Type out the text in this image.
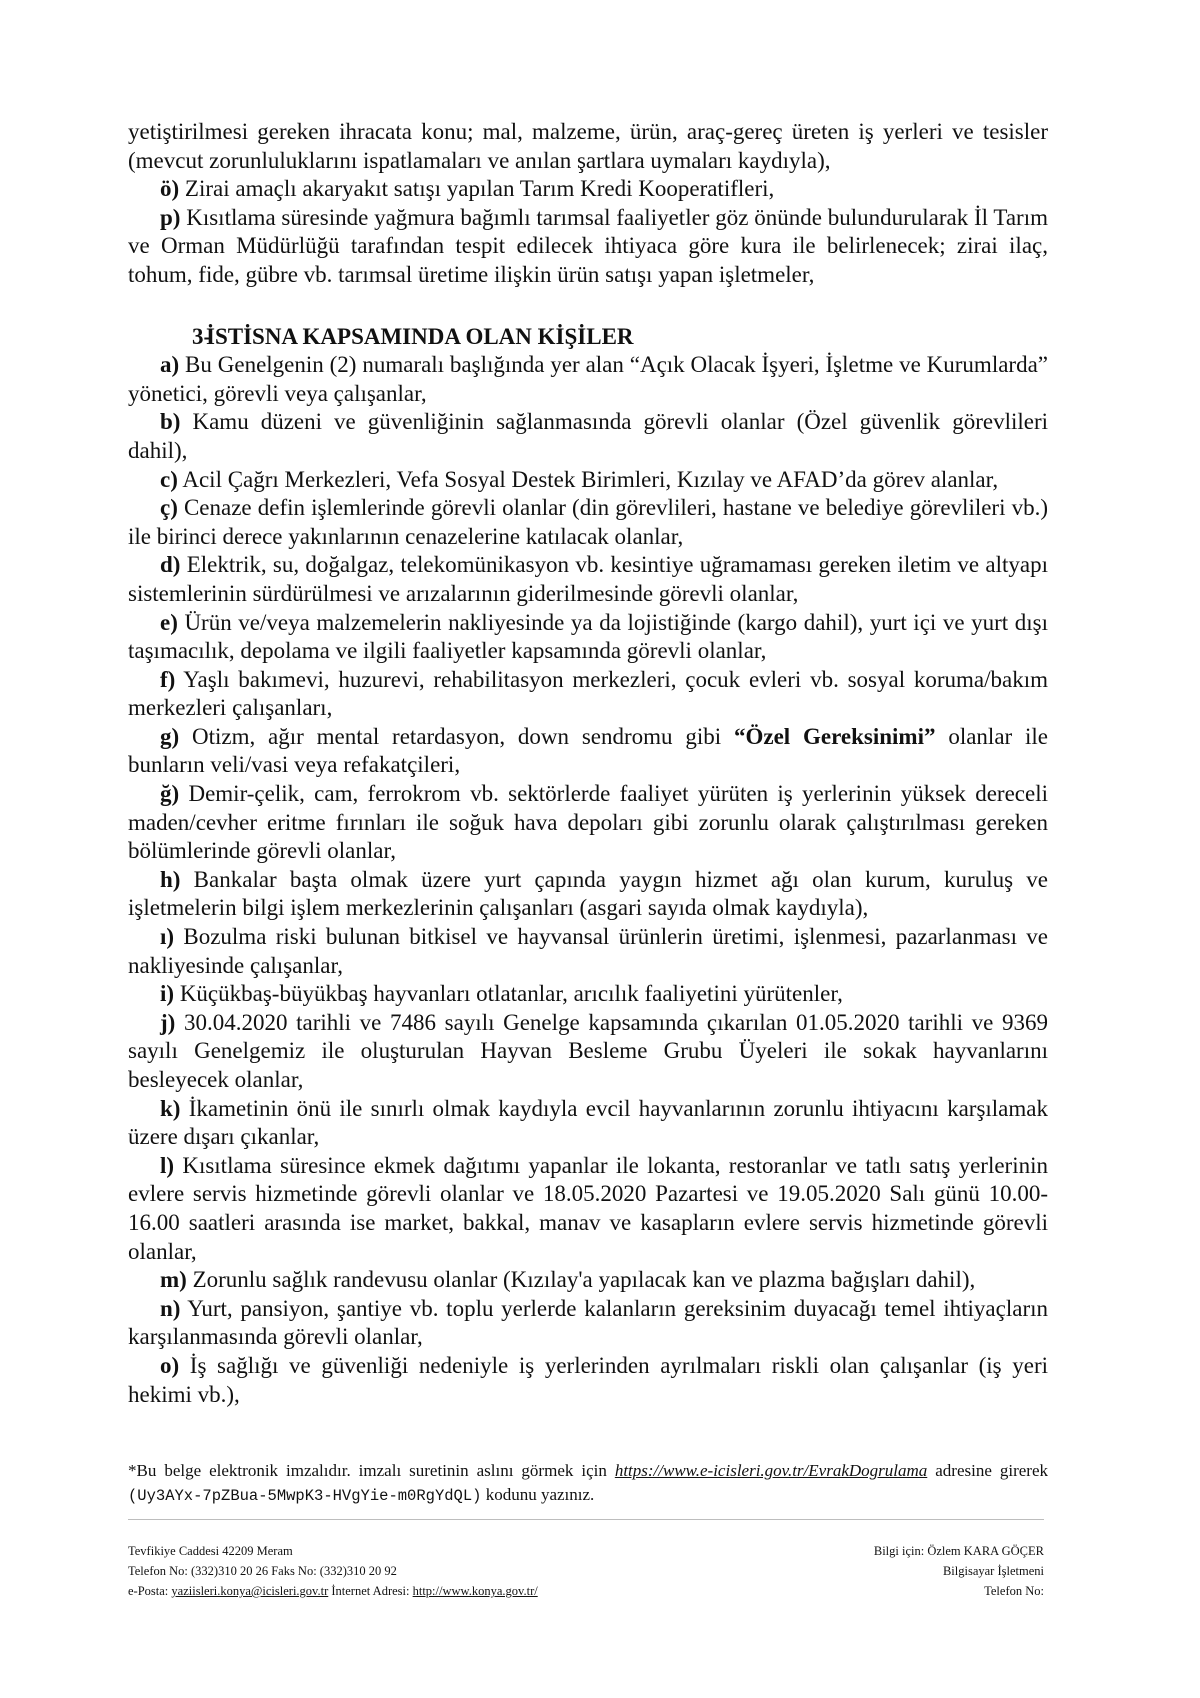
yetiştirilmesi gereken ihracata konu; mal, malzeme, ürün, araç-gereç üreten iş yerleri ve tesisler (mevcut zorunluluklarını ispatlamaları ve anılan şartlara uymaları kaydıyla),

ö) Zirai amaçlı akaryakıt satışı yapılan Tarım Kredi Kooperatifleri,

p) Kısıtlama süresinde yağmura bağımlı tarımsal faaliyetler göz önünde bulundurularak İl Tarım ve Orman Müdürlüğü tarafından tespit edilecek ihtiyaca göre kura ile belirlenecek; zirai ilaç, tohum, fide, gübre vb. tarımsal üretime ilişkin ürün satışı yapan işletmeler,

3-İSTİSNA KAPSAMINDA OLAN KİŞİLER

a) Bu Genelgenin (2) numaralı başlığında yer alan “Açık Olacak İşyeri, İşletme ve Kurumlarda” yönetici, görevli veya çalışanlar,

b) Kamu düzeni ve güvenliğinin sağlanmasında görevli olanlar (Özel güvenlik görevlileri dahil),

c) Acil Çağrı Merkezleri, Vefa Sosyal Destek Birimleri, Kızılay ve AFAD’da görev alanlar,

ç) Cenaze defin işlemlerinde görevli olanlar (din görevlileri, hastane ve belediye görevlileri vb.) ile birinci derece yakınlarının cenazelerine katılacak olanlar,

d) Elektrik, su, doğalgaz, telekomünikasyon vb. kesintiye uğramaması gereken iletim ve altyapı sistemlerinin sürdürülmesi ve arızalarının giderilmesinde görevli olanlar,

e) Ürün ve/veya malzemelerin nakliyesinde ya da lojistiğinde (kargo dahil), yurt içi ve yurt dışı taşımacılık, depolama ve ilgili faaliyetler kapsamında görevli olanlar,

f) Yaşlı bakımevi, huzurevi, rehabilitasyon merkezleri, çocuk evleri vb. sosyal koruma/bakım merkezleri çalışanları,

g) Otizm, ağır mental retardasyon, down sendromu gibi “Özel Gereksinimi” olanlar ile bunların veli/vasi veya refakatçileri,

ğ) Demir-çelik, cam, ferrokrom vb. sektörlerde faaliyet yürüten iş yerlerinin yüksek dereceli maden/cevher eritme fırınları ile soğuk hava depoları gibi zorunlu olarak çalıştırılması gereken bölümlerinde görevli olanlar,

h) Bankalar başta olmak üzere yurt çapında yaygın hizmet ağı olan kurum, kuruluş ve işletmelerin bilgi işlem merkezlerinin çalışanları (asgari sayıda olmak kaydıyla),

ı) Bozulma riski bulunan bitkisel ve hayvansal ürünlerin üretimi, işlenmesi, pazarlanması ve nakliyesinde çalışanlar,

i) Küçükbaş-büyükbaş hayvanları otlatanlar, arıcılık faaliyetini yürütenler,

j) 30.04.2020 tarihli ve 7486 sayılı Genelge kapsamında çıkarılan 01.05.2020 tarihli ve 9369 sayılı Genelgemiz ile oluşturulan Hayvan Besleme Grubu Üyeleri ile sokak hayvanlarını besleyecek olanlar,

k) İkametinin önü ile sınırlı olmak kaydıyla evcil hayvanlarının zorunlu ihtiyacını karşılamak üzere dışarı çıkanlar,

l) Kısıtlama süresince ekmek dağıtımı yapanlar ile lokanta, restoranlar ve tatlı satış yerlerinin evlere servis hizmetinde görevli olanlar ve 18.05.2020 Pazartesi ve 19.05.2020 Salı günü 10.00-16.00 saatleri arasında ise market, bakkal, manav ve kasapların evlere servis hizmetinde görevli olanlar,

m) Zorunlu sağlık randevusu olanlar (Kızılay'a yapılacak kan ve plazma bağışları dahil),

n) Yurt, pansiyon, şantiye vb. toplu yerlerde kalanların gereksinim duyacağı temel ihtiyaçların karşılanmasında görevli olanlar,

o) İş sağlığı ve güvenliği nedeniyle iş yerlerinden ayrılmaları riskli olan çalışanlar (iş yeri hekimi vb.),

*Bu belge elektronik imzalıdır. imzalı suretinin aslını görmek için https://www.e-icisleri.gov.tr/EvrakDogrulama adresine girerek (Uy3AYx-7pZBua-5MwpK3-HVgYie-m0RgYdQL) kodunu yazınız.
Tevfikiye Caddesi 42209 Meram
Telefon No: (332)310 20 26 Faks No: (332)310 20 92
e-Posta: yaziisleri.konya@icisleri.gov.tr İnternet Adresi: http://www.konya.gov.tr/
Bilgi için: Özlem KARA GÖÇER
Bilgisayar İşletmeni
Telefon No:
